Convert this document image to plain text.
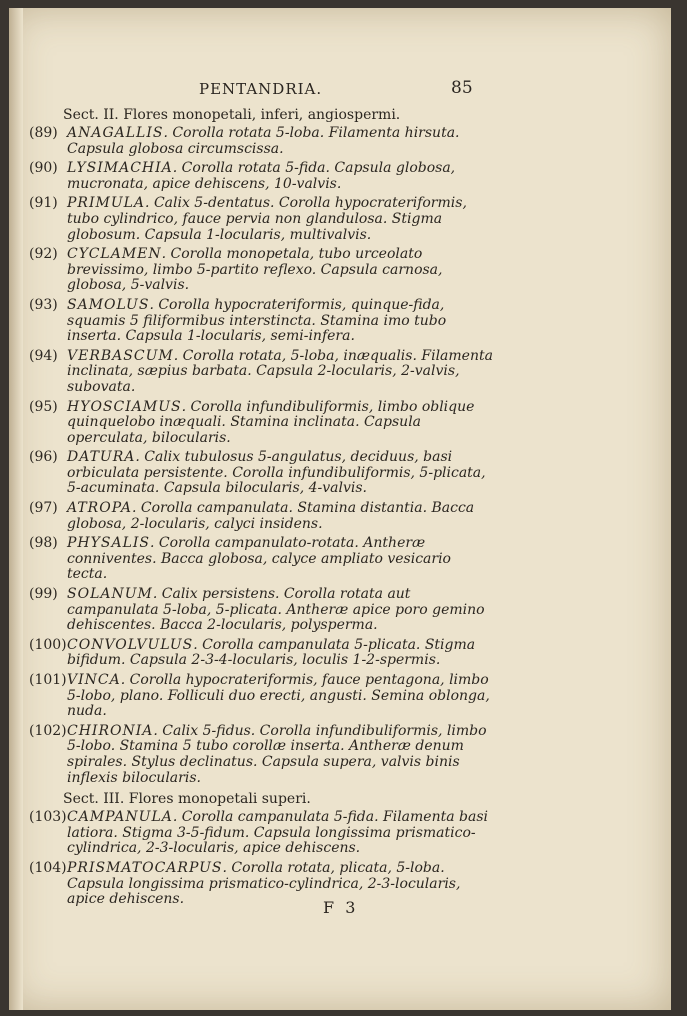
PENTANDRIA.	85
Sect. II. Flores monopetali, inferi, angiospermi.
(89) ANAGALLIS. Corolla rotata 5-loba. Filamenta hirsuta. Capsula globosa circumscissa.
(90) LYSIMACHIA. Corolla rotata 5-fida. Capsula globosa, mucronata, apice dehiscens, 10-valvis.
(91) PRIMULA. Calix 5-dentatus. Corolla hypocrateriformis, tubo cylindrico, fauce pervia non glandulosa. Stigma globosum. Capsula 1-locularis, multivalvis.
(92) CYCLAMEN. Corolla monopetala, tubo urceolato brevissimo, limbo 5-partito reflexo. Capsula carnosa, globosa, 5-valvis.
(93) SAMOLUS. Corolla hypocrateriformis, quinque-fida, squamis 5 filiformibus interstincta. Stamina imo tubo inserta. Capsula 1-locularis, semi-infera.
(94) VERBASCUM. Corolla rotata, 5-loba, inæqualis. Filamenta inclinata, sæpius barbata. Capsula 2-locularis, 2-valvis, subovata.
(95) HYOSCIAMUS. Corolla infundibuliformis, limbo oblique quinquelobo inæquali. Stamina inclinata. Capsula operculata, bilocularis.
(96) DATURA. Calix tubulosus 5-angulatus, deciduus, basi orbiculata persistente. Corolla infundibuliformis, 5-plicata, 5-acuminata. Capsula bilocularis, 4-valvis.
(97) ATROPA. Corolla campanulata. Stamina distantia. Bacca globosa, 2-locularis, calyci insidens.
(98) PHYSALIS. Corolla campanulato-rotata. Antheræ conniventes. Bacca globosa, calyce ampliato vesicario tecta.
(99) SOLANUM. Calix persistens. Corolla rotata aut campanulata 5-loba, 5-plicata. Antheræ apice poro gemino dehiscentes. Bacca 2-locularis, polysperma.
(100) CONVOLVULUS. Corolla campanulata 5-plicata. Stigma bifidum. Capsula 2-3-4-locularis, loculis 1-2-spermis.
(101) VINCA. Corolla hypocrateriformis, fauce pentagona, limbo 5-lobo, plano. Folliculi duo erecti, angusti. Semina oblonga, nuda.
(102) CHIRONIA. Calix 5-fidus. Corolla infundibuliformis, limbo 5-lobo. Stamina 5 tubo corollæ inserta. Antheræ denum spirales. Stylus declinatus. Capsula supera, valvis binis inflexis bilocularis.
Sect. III. Flores monopetali superi.
(103) CAMPANULA. Corolla campanulata 5-fida. Filamenta basi latiora. Stigma 3-5-fidum. Capsula longissima prismatico-cylindrica, 2-3-locularis, apice dehiscens.
(104) PRISMATOCARPUS. Corolla rotata, plicata, 5-loba. Capsula longissima prismatico-cylindrica, 2-3-locularis, apice dehiscens.	F 3
